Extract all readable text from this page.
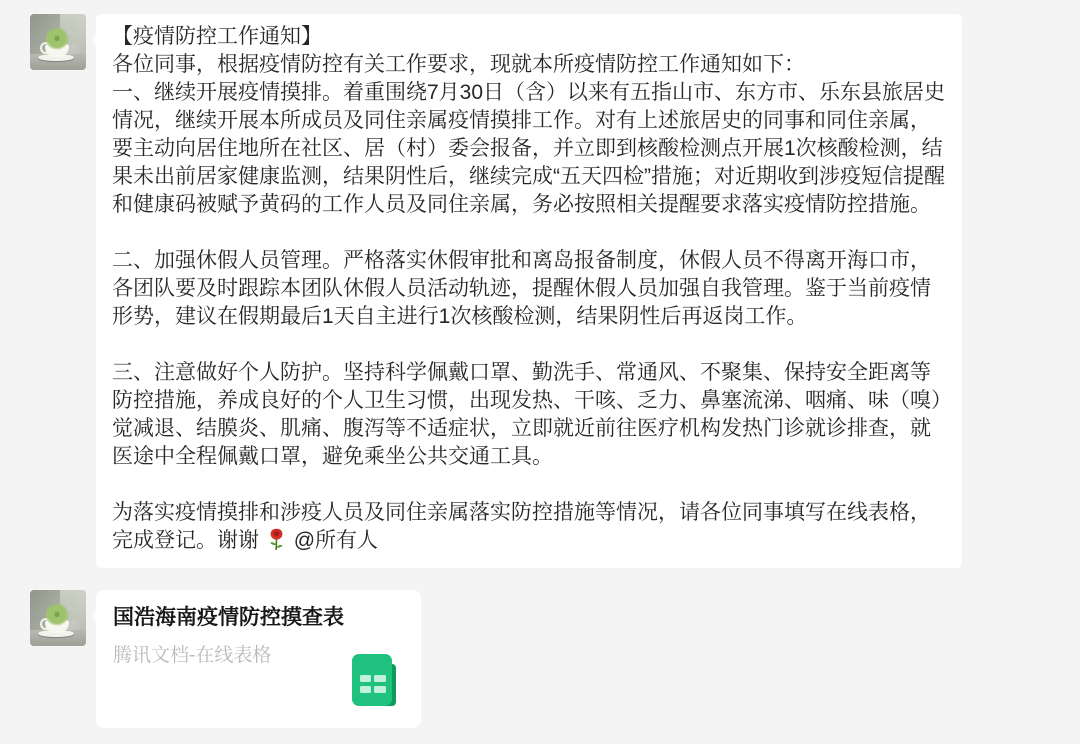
【疫情防控工作通知】

各位同事，根据疫情防控有关工作要求，现就本所疫情防控工作通知如下：

一、继续开展疫情摸排。着重围绕7月30日（含）以来有五指山市、东方市、乐东县旅居史情况，继续开展本所成员及同住亲属疫情摸排工作。对有上述旅居史的同事和同住亲属，要主动向居住地所在社区、居（村）委会报备，并立即到核酸检测点开展1次核酸检测，结果未出前居家健康监测，结果阴性后，继续完成“五天四检”措施；对近期收到涉疫短信提醒和健康码被赋予黄码的工作人员及同住亲属，务必按照相关提醒要求落实疫情防控措施。

二、加强休假人员管理。严格落实休假审批和离岛报备制度，休假人员不得离开海口市，各团队要及时跟踪本团队休假人员活动轨迹，提醒休假人员加强自我管理。鉴于当前疫情形势，建议在假期最后1天自主进行1次核酸检测，结果阴性后再返岗工作。

三、注意做好个人防护。坚持科学佩戴口罩、勤洗手、常通风、不聚集、保持安全距离等防控措施，养成良好的个人卫生习惯，出现发热、干咳、乏力、鼻塞流涕、咽痛、味（嗅）觉减退、结膜炎、肌痛、腹泻等不适症状，立即就近前往医疗机构发热门诊就诊排查，就医途中全程佩戴口罩，避免乘坐公共交通工具。

为落实疫情摸排和涉疫人员及同住亲属落实防控措施等情况，请各位同事填写在线表格，完成登记。谢谢 @所有人

国浩海南疫情防控摸查表
腾讯文档-在线表格
